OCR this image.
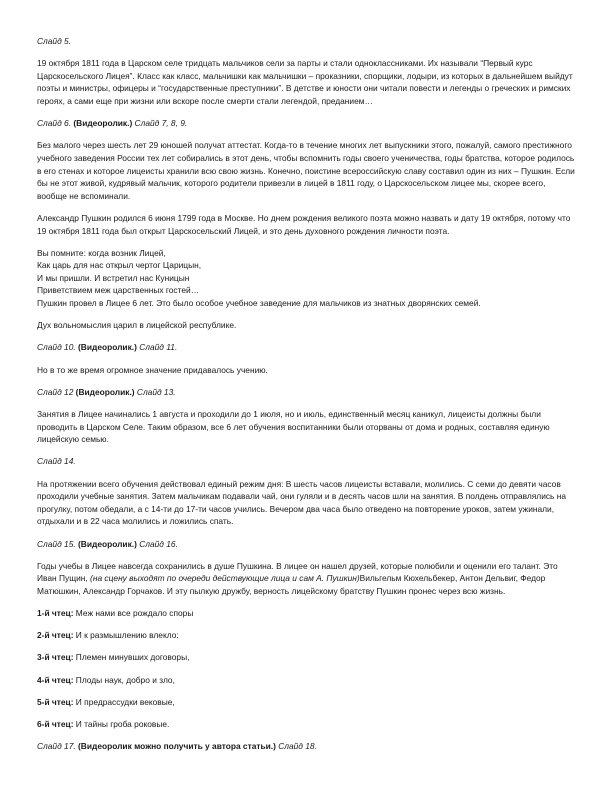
Слайд 5.

19 октября 1811 года в Царском селе тридцать мальчиков сели за парты и стали одноклассниками. Их называли “Первый курс Царскосельского Лицея”. Класс как класс, мальчишки как мальчишки – проказники, спорщики, лодыри, из которых в дальнейшем выйдут поэты и министры, офицеры и “государственные преступники”. В детстве и юности они читали повести и легенды о греческих и римских героях, а сами еще при жизни или вскоре после смерти стали легендой, преданием…

Слайд 6. (Видеоролик.) Слайд 7, 8, 9.

Без малого через шесть лет 29 юношей получат аттестат. Когда-то в течение многих лет выпускники этого, пожалуй, самого престижного учебного заведения России тех лет собирались в этот день, чтобы вспомнить годы своего ученичества, годы братства, которое родилось в его стенах и которое лицеисты хранили всю свою жизнь. Конечно, поистине всероссийскую славу составил один из них – Пушкин. Если бы не этот живой, кудрявый мальчик, которого родители привезли в лицей в 1811 году, о Царскосельском лицее мы, скорее всего, вообще не вспоминали.

Александр Пушкин родился 6 июня 1799 года в Москве. Но днем рождения великого поэта можно назвать и дату 19 октября, потому что 19 октября 1811 года был открыт Царскосельский Лицей, и это день духовного рождения личности поэта.

Вы помните: когда возник Лицей,

Как царь для нас открыл чертог Царицын,

И мы пришли. И встретил нас Куницын

Приветствием меж царственных гостей…

Пушкин провел в Лицее 6 лет. Это было особое учебное заведение для мальчиков из знатных дворянских семей.

Дух вольномыслия царил в лицейской республике.

Слайд 10. (Видеоролик.) Слайд 11.

Но в то же время огромное значение придавалось учению.

Слайд 12 (Видеоролик.) Слайд 13.

Занятия в Лицее начинались 1 августа и проходили до 1 июля, но и июль, единственный месяц каникул, лицеисты должны были проводить в Царском Селе. Таким образом, все 6 лет обучения воспитанники были оторваны от дома и родных, составляя единую лицейскую семью.

Слайд 14.

На протяжении всего обучения действовал единый режим дня: В шесть часов лицеисты вставали, молились. С семи до девяти часов проходили учебные занятия. Затем мальчикам подавали чай, они гуляли и в десять часов шли на занятия. В полдень отправлялись на прогулку, потом обедали, а с 14-ти до 17-ти часов учились. Вечером два часа было отведено на повторение уроков, затем ужинали, отдыхали и в 22 часа молились и ложились спать.

Слайд 15. (Видеоролик.) Слайд 16.

Годы учебы в Лицее навсегда сохранились в душе Пушкина. В лицее он нашел друзей, которые полюбили и оценили его талант. Это Иван Пущин, (на сцену выходят по очереди действующие лица и сам А. Пушкин)Вильгельм Кюхельбекер, Антон Дельвиг, Федор Матюшкин, Александр Горчаков. И эту пылкую дружбу, верность лицейскому братству Пушкин пронес через всю жизнь.

1-й чтец: Меж нами все рождало споры

2-й чтец: И к размышлению влекло:

3-й чтец: Племен минувших договоры,

4-й чтец: Плоды наук, добро и зло,

5-й чтец: И предрассудки вековые,

6-й чтец: И тайны гроба роковые.

Слайд 17. (Видеоролик можно получить у автора статьи.) Слайд 18.
